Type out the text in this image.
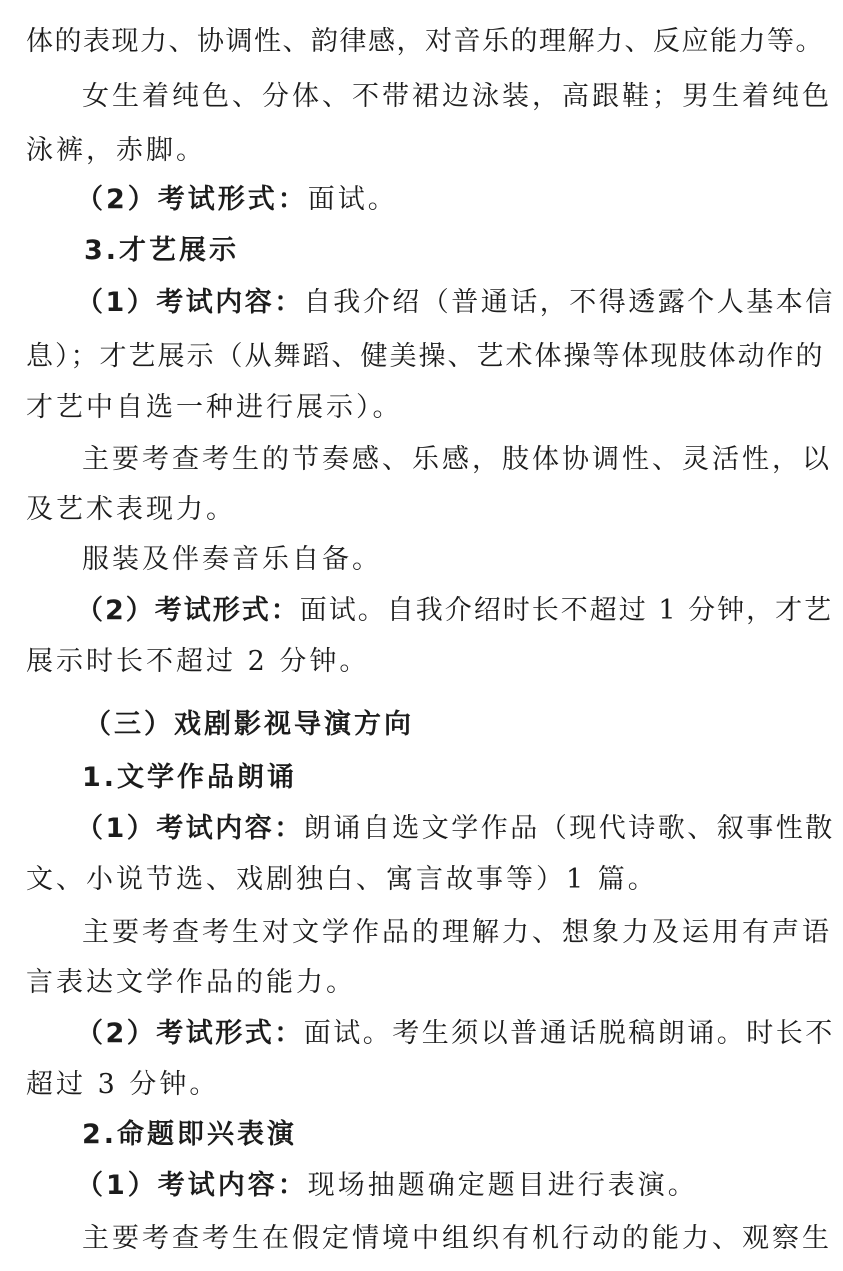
体的表现力、协调性、韵律感，对音乐的理解力、反应能力等。
女生着纯色、分体、不带裙边泳装，高跟鞋；男生着纯色
泳裤，赤脚。
（2）考试形式：面试。
3.才艺展示
（1）考试内容：自我介绍（普通话，不得透露个人基本信
息）；才艺展示（从舞蹈、健美操、艺术体操等体现肢体动作的
才艺中自选一种进行展示）。
主要考查考生的节奏感、乐感，肢体协调性、灵活性，以
及艺术表现力。
服装及伴奏音乐自备。
（2）考试形式：面试。自我介绍时长不超过 1 分钟，才艺
展示时长不超过 2 分钟。
（三）戏剧影视导演方向
1.文学作品朗诵
（1）考试内容：朗诵自选文学作品（现代诗歌、叙事性散
文、小说节选、戏剧独白、寓言故事等）1 篇。
主要考查考生对文学作品的理解力、想象力及运用有声语
言表达文学作品的能力。
（2）考试形式：面试。考生须以普通话脱稿朗诵。时长不
超过 3 分钟。
2.命题即兴表演
（1）考试内容：现场抽题确定题目进行表演。
主要考查考生在假定情境中组织有机行动的能力、观察生
